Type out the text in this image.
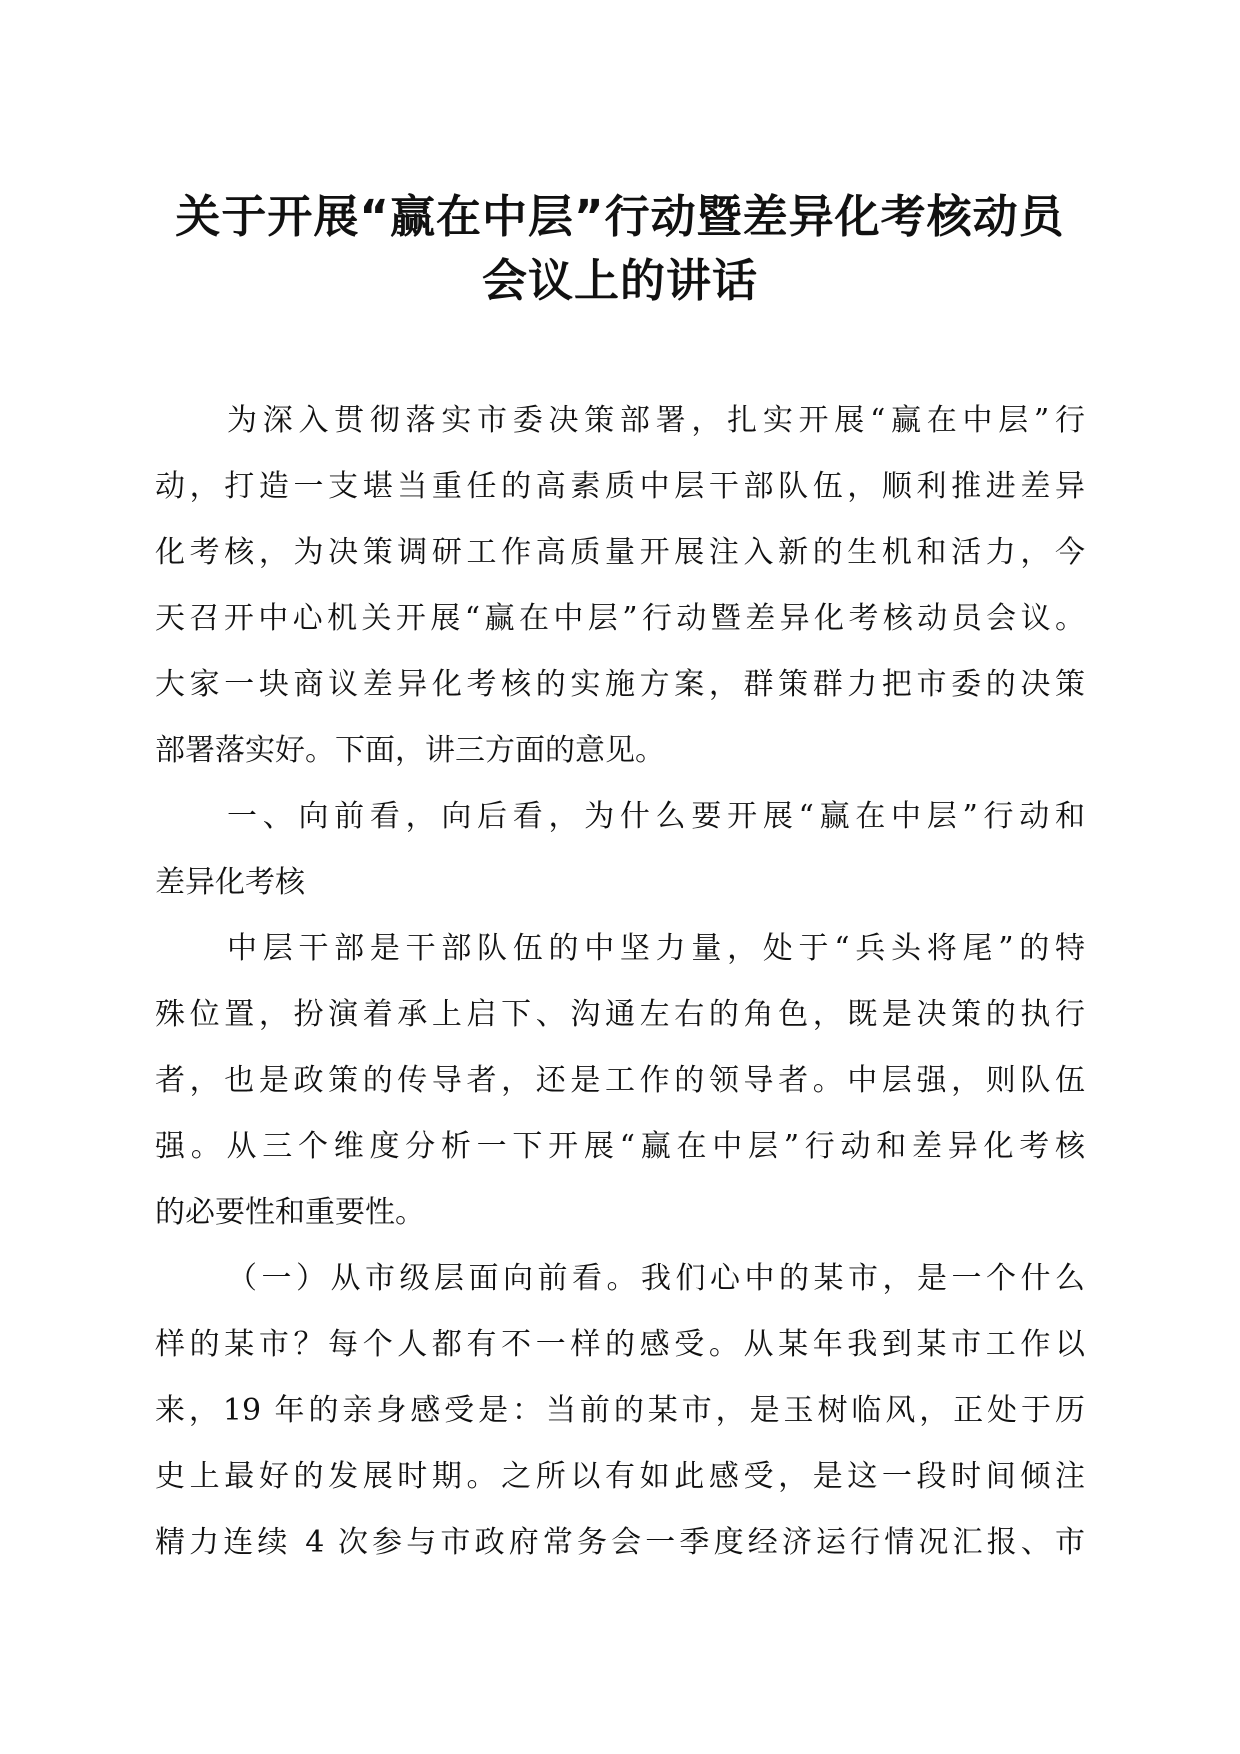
关于开展“赢在中层”行动暨差异化考核动员
会议上的讲话
为深入贯彻落实市委决策部署，扎实开展“赢在中层”行
动，打造一支堪当重任的高素质中层干部队伍，顺利推进差异
化考核，为决策调研工作高质量开展注入新的生机和活力，今
天召开中心机关开展“赢在中层”行动暨差异化考核动员会议。
大家一块商议差异化考核的实施方案，群策群力把市委的决策
部署落实好。下面，讲三方面的意见。
一、向前看，向后看，为什么要开展“赢在中层”行动和
差异化考核
中层干部是干部队伍的中坚力量，处于“兵头将尾”的特
殊位置，扮演着承上启下、沟通左右的角色，既是决策的执行
者，也是政策的传导者，还是工作的领导者。中层强，则队伍
强。从三个维度分析一下开展“赢在中层”行动和差异化考核
的必要性和重要性。
（一）从市级层面向前看。我们心中的某市，是一个什么
样的某市？每个人都有不一样的感受。从某年我到某市工作以
来，19 年的亲身感受是：当前的某市，是玉树临风，正处于历
史上最好的发展时期。之所以有如此感受，是这一段时间倾注
精力连续 4 次参与市政府常务会一季度经济运行情况汇报、市
